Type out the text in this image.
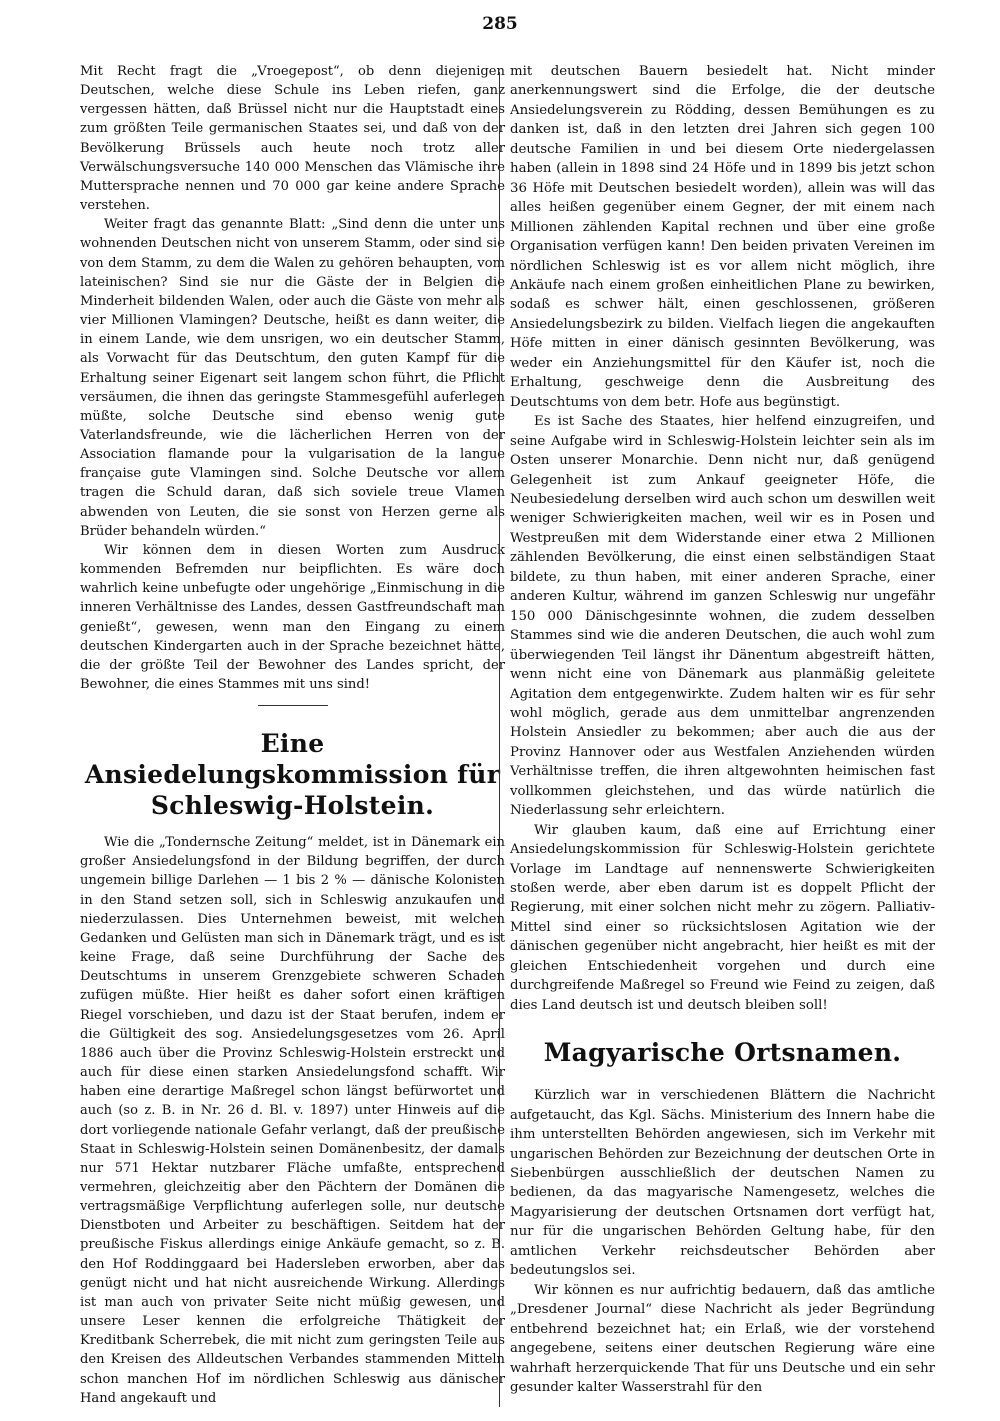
285

Mit Recht fragt die „Vroegepost“, ob denn diejenigen Deutschen, welche diese Schule ins Leben riefen, ganz vergessen hätten, daß Brüssel nicht nur die Hauptstadt eines zum größten Teile germanischen Staates sei, und daß von der Bevölkerung Brüssels auch heute noch trotz aller Verwälschungsversuche 140 000 Menschen das Vlämische ihre Muttersprache nennen und 70 000 gar keine andere Sprache verstehen.

Weiter fragt das genannte Blatt: „Sind denn die unter uns wohnenden Deutschen nicht von unserem Stamm, oder sind sie von dem Stamm, zu dem die Walen zu gehören behaupten, vom lateinischen? Sind sie nur die Gäste der in Belgien die Minderheit bildenden Walen, oder auch die Gäste von mehr als vier Millionen Vlamingen? Deutsche, heißt es dann weiter, die in einem Lande, wie dem unsrigen, wo ein deutscher Stamm, als Vorwacht für das Deutschtum, den guten Kampf für die Erhaltung seiner Eigenart seit langem schon führt, die Pflicht versäumen, die ihnen das geringste Stammesgefühl auferlegen müßte, solche Deutsche sind ebenso wenig gute Vaterlandsfreunde, wie die lächerlichen Herren von der Association flamande pour la vulgarisation de la langue française gute Vlamingen sind. Solche Deutsche vor allem tragen die Schuld daran, daß sich soviele treue Vlamen abwenden von Leuten, die sie sonst von Herzen gerne als Brüder behandeln würden.“

Wir können dem in diesen Worten zum Ausdruck kommenden Befremden nur beipflichten. Es wäre doch wahrlich keine unbefugte oder ungehörige „Einmischung in die inneren Verhältnisse des Landes, dessen Gastfreundschaft man genießt“, gewesen, wenn man den Eingang zu einem deutschen Kindergarten auch in der Sprache bezeichnet hätte, die der größte Teil der Bewohner des Landes spricht, der Bewohner, die eines Stammes mit uns sind!

Eine Ansiedelungskommission für Schleswig-Holstein.

Wie die „Tondernsche Zeitung“ meldet, ist in Dänemark ein großer Ansiedelungsfond in der Bildung begriffen, der durch ungemein billige Darlehen — 1 bis 2 % — dänische Kolonisten in den Stand setzen soll, sich in Schleswig anzukaufen und niederzulassen. Dies Unternehmen beweist, mit welchen Gedanken und Gelüsten man sich in Dänemark trägt, und es ist keine Frage, daß seine Durchführung der Sache des Deutschtums in unserem Grenzgebiete schweren Schaden zufügen müßte. Hier heißt es daher sofort einen kräftigen Riegel vorschieben, und dazu ist der Staat berufen, indem er die Gültigkeit des sog. Ansiedelungsgesetzes vom 26. April 1886 auch über die Provinz Schleswig-Holstein erstreckt und auch für diese einen starken Ansiedelungsfond schafft. Wir haben eine derartige Maßregel schon längst befürwortet und auch (so z. B. in Nr. 26 d. Bl. v. 1897) unter Hinweis auf die dort vorliegende nationale Gefahr verlangt, daß der preußische Staat in Schleswig-Holstein seinen Domänenbesitz, der damals nur 571 Hektar nutzbarer Fläche umfaßte, entsprechend vermehren, gleichzeitig aber den Pächtern der Domänen die vertragsmäßige Verpflichtung auferlegen solle, nur deutsche Dienstboten und Arbeiter zu beschäftigen. Seitdem hat der preußische Fiskus allerdings einige Ankäufe gemacht, so z. B. den Hof Roddinggaard bei Hadersleben erworben, aber das genügt nicht und hat nicht ausreichende Wirkung. Allerdings ist man auch von privater Seite nicht müßig gewesen, und unsere Leser kennen die erfolgreiche Thätigkeit der Kreditbank Scherrebek, die mit nicht zum geringsten Teile aus den Kreisen des Alldeutschen Verbandes stammenden Mitteln schon manchen Hof im nördlichen Schleswig aus dänischer Hand angekauft und

mit deutschen Bauern besiedelt hat. Nicht minder anerkennungswert sind die Erfolge, die der deutsche Ansiedelungsverein zu Rödding, dessen Bemühungen es zu danken ist, daß in den letzten drei Jahren sich gegen 100 deutsche Familien in und bei diesem Orte niedergelassen haben (allein in 1898 sind 24 Höfe und in 1899 bis jetzt schon 36 Höfe mit Deutschen besiedelt worden), allein was will das alles heißen gegenüber einem Gegner, der mit einem nach Millionen zählenden Kapital rechnen und über eine große Organisation verfügen kann! Den beiden privaten Vereinen im nördlichen Schleswig ist es vor allem nicht möglich, ihre Ankäufe nach einem großen einheitlichen Plane zu bewirken, sodaß es schwer hält, einen geschlossenen, größeren Ansiedelungsbezirk zu bilden. Vielfach liegen die angekauften Höfe mitten in einer dänisch gesinnten Bevölkerung, was weder ein Anziehungsmittel für den Käufer ist, noch die Erhaltung, geschweige denn die Ausbreitung des Deutschtums von dem betr. Hofe aus begünstigt.

Es ist Sache des Staates, hier helfend einzugreifen, und seine Aufgabe wird in Schleswig-Holstein leichter sein als im Osten unserer Monarchie. Denn nicht nur, daß genügend Gelegenheit ist zum Ankauf geeigneter Höfe, die Neubesiedelung derselben wird auch schon um deswillen weit weniger Schwierigkeiten machen, weil wir es in Posen und Westpreußen mit dem Widerstande einer etwa 2 Millionen zählenden Bevölkerung, die einst einen selbständigen Staat bildete, zu thun haben, mit einer anderen Sprache, einer anderen Kultur, während im ganzen Schleswig nur ungefähr 150 000 Dänischgesinnte wohnen, die zudem desselben Stammes sind wie die anderen Deutschen, die auch wohl zum überwiegenden Teil längst ihr Dänentum abgestreift hätten, wenn nicht eine von Dänemark aus planmäßig geleitete Agitation dem entgegenwirkte. Zudem halten wir es für sehr wohl möglich, gerade aus dem unmittelbar angrenzenden Holstein Ansiedler zu bekommen; aber auch die aus der Provinz Hannover oder aus Westfalen Anziehenden würden Verhältnisse treffen, die ihren altgewohnten heimischen fast vollkommen gleichstehen, und das würde natürlich die Niederlassung sehr erleichtern.

Wir glauben kaum, daß eine auf Errichtung einer Ansiedelungskommission für Schleswig-Holstein gerichtete Vorlage im Landtage auf nennenswerte Schwierigkeiten stoßen werde, aber eben darum ist es doppelt Pflicht der Regierung, mit einer solchen nicht mehr zu zögern. Palliativ-Mittel sind einer so rücksichtslosen Agitation wie der dänischen gegenüber nicht angebracht, hier heißt es mit der gleichen Entschiedenheit vorgehen und durch eine durchgreifende Maßregel so Freund wie Feind zu zeigen, daß dies Land deutsch ist und deutsch bleiben soll!

Magyarische Ortsnamen.

Kürzlich war in verschiedenen Blättern die Nachricht aufgetaucht, das Kgl. Sächs. Ministerium des Innern habe die ihm unterstellten Behörden angewiesen, sich im Verkehr mit ungarischen Behörden zur Bezeichnung der deutschen Orte in Siebenbürgen ausschließlich der deutschen Namen zu bedienen, da das magyarische Namengesetz, welches die Magyarisierung der deutschen Ortsnamen dort verfügt hat, nur für die ungarischen Behörden Geltung habe, für den amtlichen Verkehr reichsdeutscher Behörden aber bedeutungslos sei.

Wir können es nur aufrichtig bedauern, daß das amtliche „Dresdener Journal“ diese Nachricht als jeder Begründung entbehrend bezeichnet hat; ein Erlaß, wie der vorstehend angegebene, seitens einer deutschen Regierung wäre eine wahrhaft herzerquickende That für uns Deutsche und ein sehr gesunder kalter Wasserstrahl für den
